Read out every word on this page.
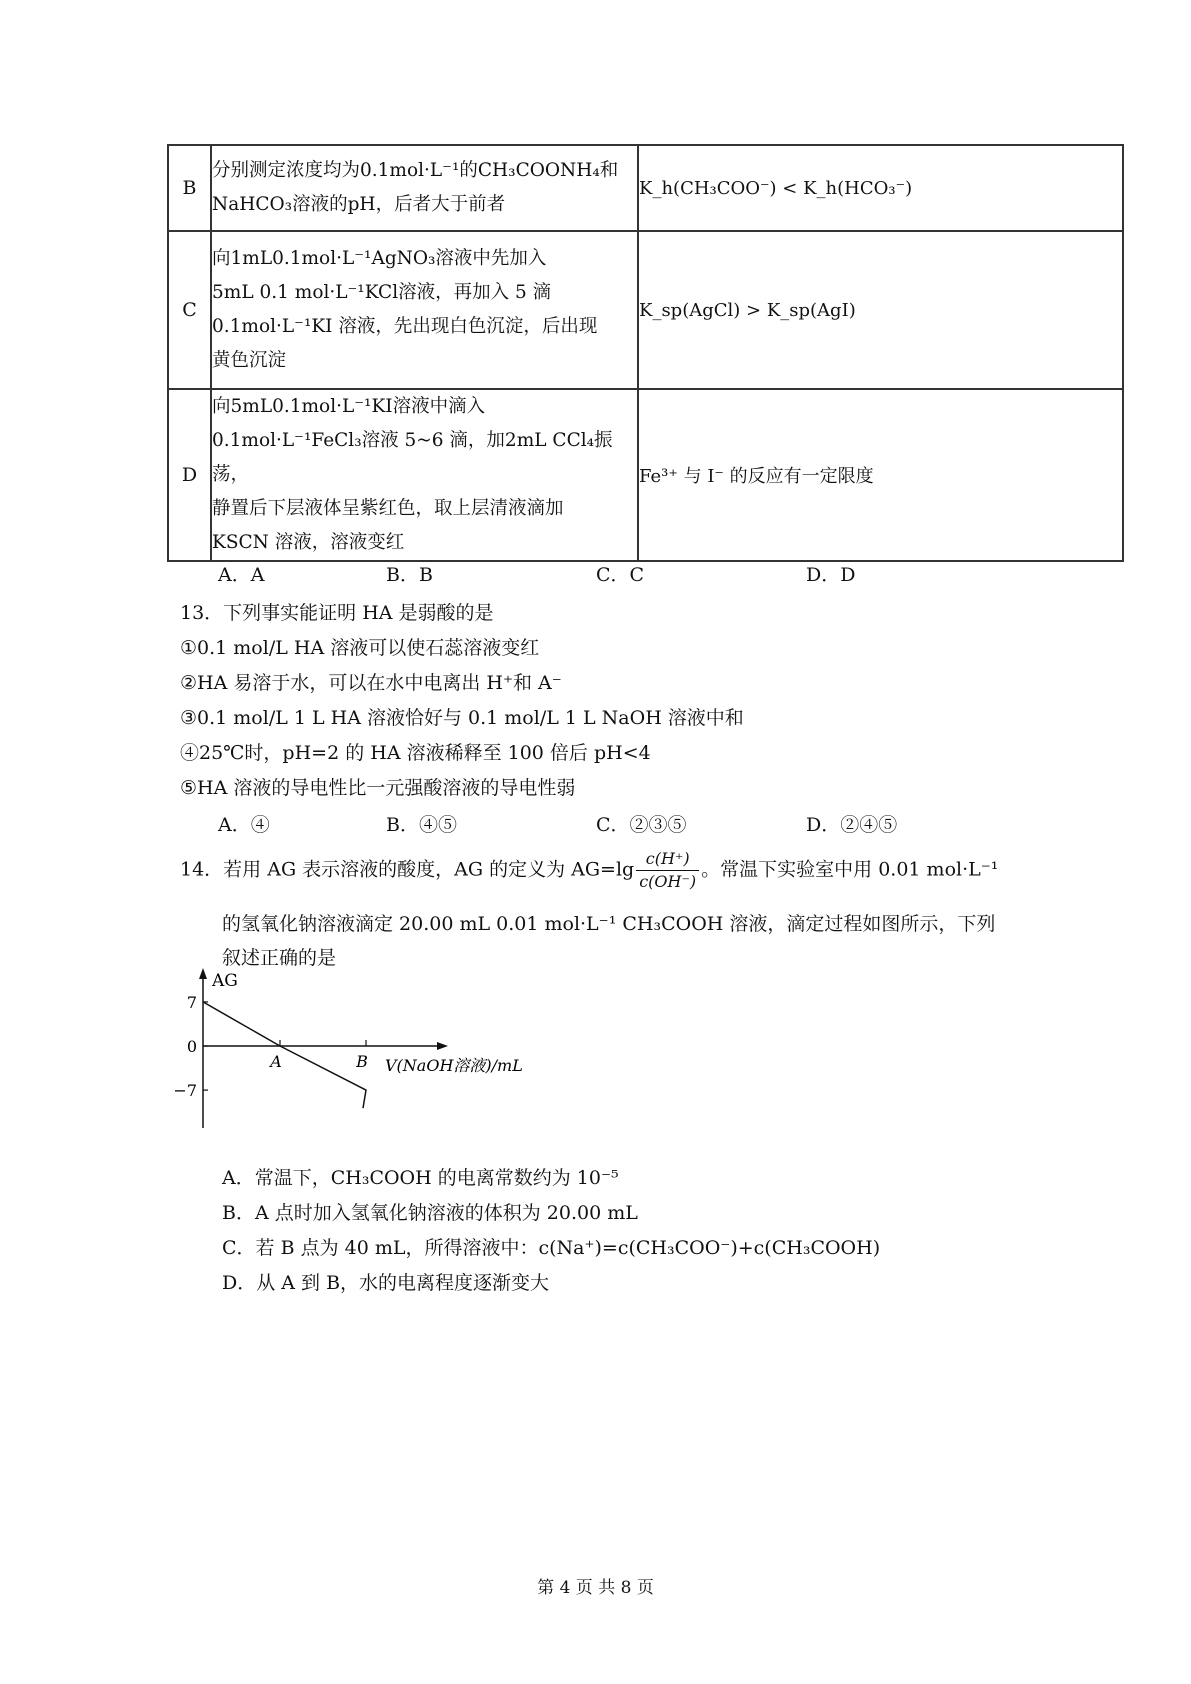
B	分别测定浓度均为0.1mol·L⁻¹的CH₃COONH₄和
NaHCO₃溶液的pH，后者大于前者	K_h(CH₃COO⁻) < K_h(HCO₃⁻)
C	向1mL0.1mol·L⁻¹AgNO₃溶液中先加入
5mL 0.1 mol·L⁻¹KCl溶液，再加入 5 滴
0.1mol·L⁻¹KI 溶液，先出现白色沉淀，后出现
黄色沉淀	K_sp(AgCl) > K_sp(AgI)
D	向5mL0.1mol·L⁻¹KI溶液中滴入
0.1mol·L⁻¹FeCl₃溶液 5~6 滴，加2mL CCl₄振荡，
静置后下层液体呈紫红色，取上层清液滴加
KSCN 溶液，溶液变红	Fe³⁺ 与 I⁻ 的反应有一定限度
A．A	B．B	C．C	D．D
13．下列事实能证明 HA 是弱酸的是
①0.1 mol/L HA 溶液可以使石蕊溶液变红
②HA 易溶于水，可以在水中电离出 H⁺和 A⁻
③0.1 mol/L 1 L HA 溶液恰好与 0.1 mol/L 1 L NaOH 溶液中和
④25℃时，pH=2 的 HA 溶液稀释至 100 倍后 pH<4
⑤HA 溶液的导电性比一元强酸溶液的导电性弱
A．④	B．④⑤	C．②③⑤	D．②④⑤
14．若用 AG 表示溶液的酸度，AG 的定义为 $AG=\lg \frac{c(H^+)}{c(OH^-)}$ 。常温下实验室中用 0.01 mol·L⁻¹
的氢氧化钠溶液滴定 20.00 mL 0.01 mol·L⁻¹ CH₃COOH 溶液，滴定过程如图所示，下列
叙述正确的是
AG
V(NaOH溶液)/mL
7
0
−7
A	B
A．常温下，CH₃COOH 的电离常数约为 10⁻⁵
B．A 点时加入氢氧化钠溶液的体积为 20.00 mL
C．若 B 点为 40 mL，所得溶液中：c(Na⁺)=c(CH₃COO⁻)+c(CH₃COOH)
D．从 A 到 B，水的电离程度逐渐变大
第 4 页 共 8 页
